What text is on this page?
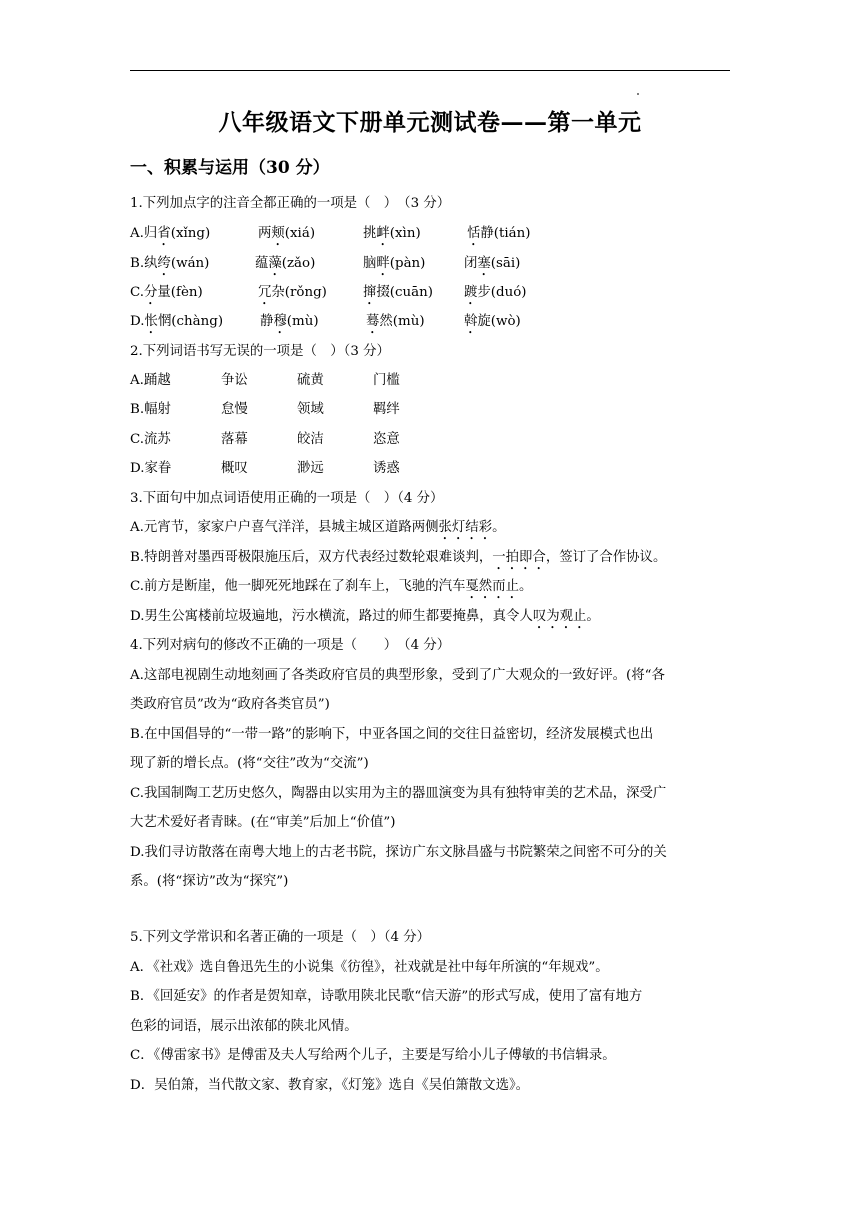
八年级语文下册单元测试卷——第一单元
一、积累与运用（30 分）
1.下列加点字的注音全都正确的一项是（　）　（3 分）
A.归省(xǐng)	两颊(xiá)	挑衅(xìn)	恬静(tián)
B.纨绔(wán)	蕴藻(zǎo)	脑畔(pàn)	闭塞(sāi)
C.分量(fèn)	冗杂(rǒng)	撺掇(cuān) 踱步(duó)
D.怅惘(chàng)	静穆(mù)	蓦然(mù)	斡旋(wò)
2.下列词语书写无误的一项是（　）（3 分）
A.踊越	争讼	硫黄	门槛
B.幅射	怠慢	领域	羁绊
C.流苏	落幕	皎洁	恣意
D.家眷	概叹	渺远	诱惑
3.下面句中加点词语使用正确的一项是（　）（4 分）
A.元宵节，家家户户喜气洋洋，县城主城区道路两侧张灯结彩。
B.特朗普对墨西哥极限施压后，双方代表经过数轮艰难谈判，一拍即合，签订了合作协议。
C.前方是断崖，他一脚死死地踩在了刹车上，飞驰的汽车戛然而止。
D.男生公寓楼前垃圾遍地，污水横流，路过的师生都要掩鼻，真令人叹为观止。
4.下列对病句的修改不正确的一项是（　　）　（4 分）
A.这部电视剧生动地刻画了各类政府官员的典型形象，受到了广大观众的一致好评。(将“各
类政府官员”改为“政府各类官员”)
B.在中国倡导的“一带一路”的影响下，中亚各国之间的交往日益密切，经济发展模式也出
现了新的增长点。(将“交往”改为“交流”)
C.我国制陶工艺历史悠久，陶器由以实用为主的器皿演变为具有独特审美的艺术品，深受广
大艺术爱好者青睐。(在“审美”后加上“价值”)
D.我们寻访散落在南粤大地上的古老书院，探访广东文脉昌盛与书院繁荣之间密不可分的关
系。(将“探访”改为“探究”)
5.下列文学常识和名著正确的一项是（　）（4 分）
A．《社戏》选自鲁迅先生的小说集《彷徨》，社戏就是社中每年所演的“年规戏”。
B．《回延安》的作者是贺知章，诗歌用陕北民歌“信天游”的形式写成，使用了富有地方
色彩的词语，展示出浓郁的陕北风情。
C．《傅雷家书》是傅雷及夫人写给两个儿子，主要是写给小儿子傅敏的书信辑录。
D．吴伯箫，当代散文家、教育家，《灯笼》选自《吴伯箫散文选》。
